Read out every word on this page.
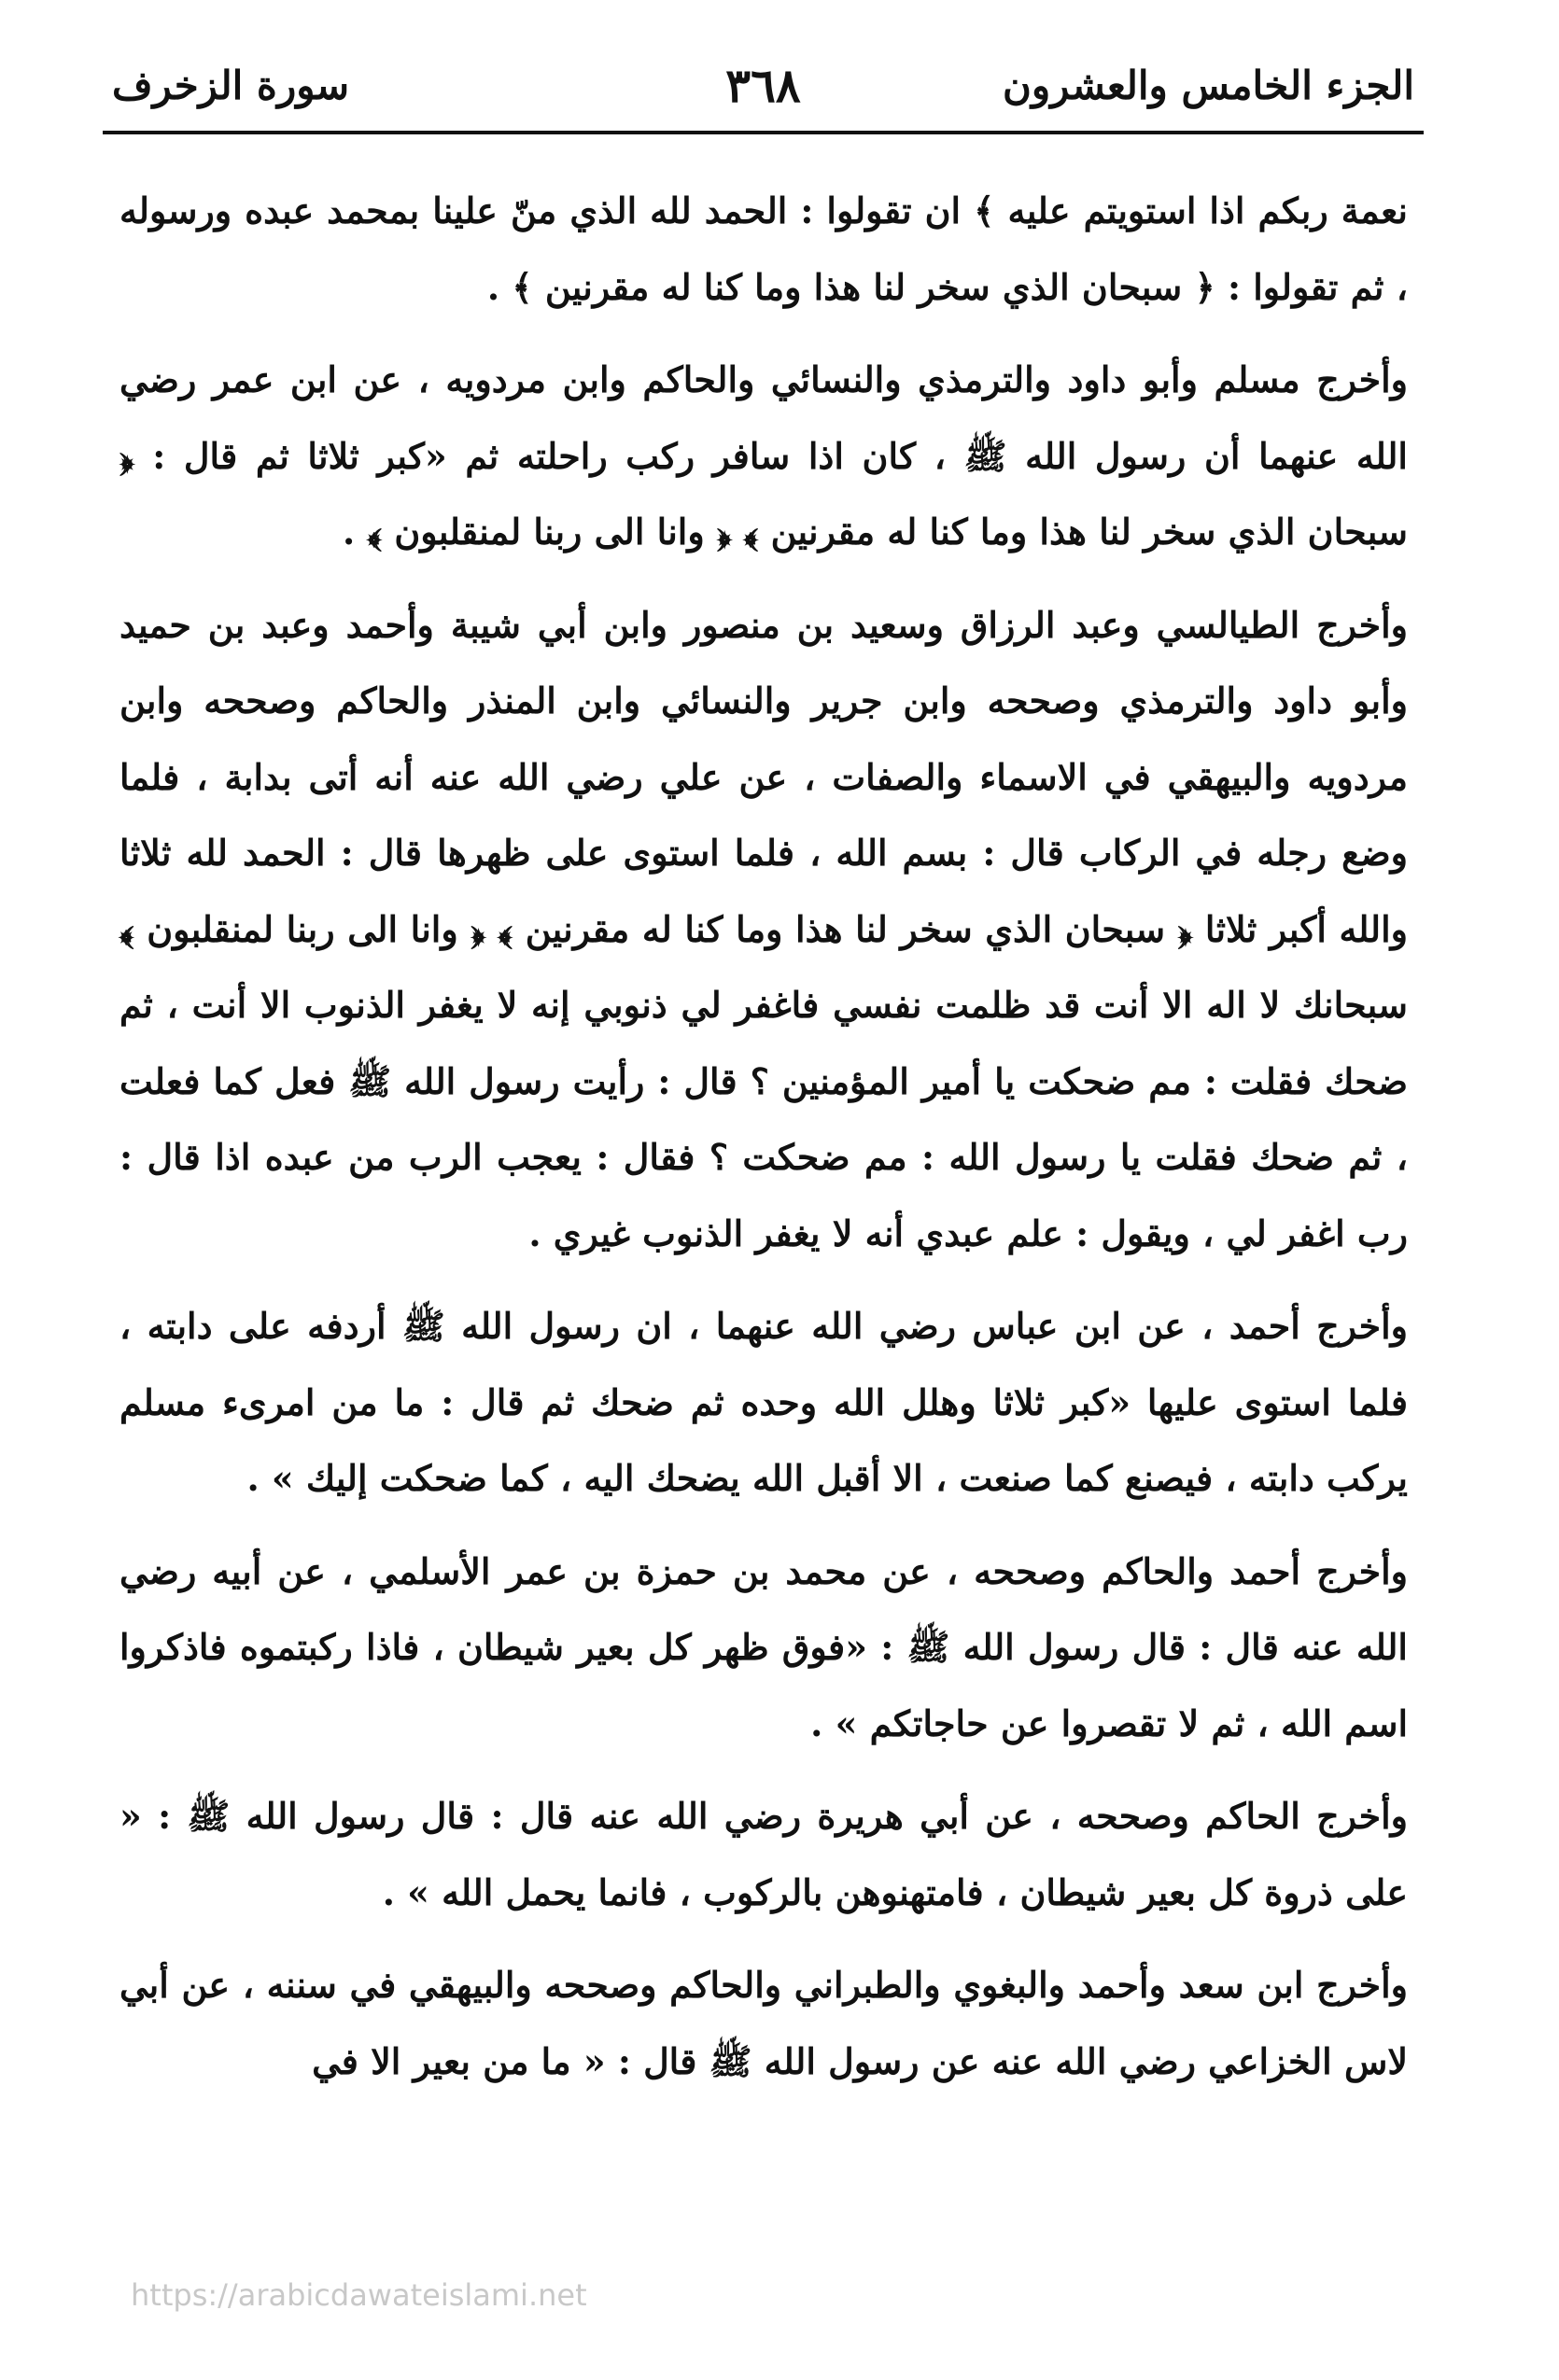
الجزء الخامس والعشرون
٣٦٨
سورة الزخرف

نعمة ربكم اذا استويتم عليه ﴾ ان تقولوا : الحمد لله الذي منّ علينا بمحمد عبده ورسوله ، ثم تقولوا : ﴿ سبحان الذي سخر لنا هذا وما كنا له مقرنين ﴾ .

وأخرج مسلم وأبو داود والترمذي والنسائي والحاكم وابن مردويه ، عن ابن عمر رضي الله عنهما أن رسول الله ﷺ ، كان اذا سافر ركب راحلته ثم «كبر ثلاثا ثم قال : ﴿ سبحان الذي سخر لنا هذا وما كنا له مقرنين ﴾ ﴿ وانا الى ربنا لمنقلبون ﴾ .

وأخرج الطيالسي وعبد الرزاق وسعيد بن منصور وابن أبي شيبة وأحمد وعبد بن حميد وأبو داود والترمذي وصححه وابن جرير والنسائي وابن المنذر والحاكم وصححه وابن مردويه والبيهقي في الاسماء والصفات ، عن علي رضي الله عنه أنه أتى بدابة ، فلما وضع رجله في الركاب قال : بسم الله ، فلما استوى على ظهرها قال : الحمد لله ثلاثا والله أكبر ثلاثا ﴿ سبحان الذي سخر لنا هذا وما كنا له مقرنين ﴾ ﴿ وانا الى ربنا لمنقلبون ﴾ سبحانك لا اله الا أنت قد ظلمت نفسي فاغفر لي ذنوبي إنه لا يغفر الذنوب الا أنت ، ثم ضحك فقلت : مم ضحكت يا أمير المؤمنين ؟ قال : رأيت رسول الله ﷺ فعل كما فعلت ، ثم ضحك فقلت يا رسول الله : مم ضحكت ؟ فقال : يعجب الرب من عبده اذا قال : رب اغفر لي ، ويقول : علم عبدي أنه لا يغفر الذنوب غيري .

وأخرج أحمد ، عن ابن عباس رضي الله عنهما ، ان رسول الله ﷺ أردفه على دابته ، فلما استوى عليها «كبر ثلاثا وهلل الله وحده ثم ضحك ثم قال : ما من امرىء مسلم يركب دابته ، فيصنع كما صنعت ، الا أقبل الله يضحك اليه ، كما ضحكت إليك » .

وأخرج أحمد والحاكم وصححه ، عن محمد بن حمزة بن عمر الأسلمي ، عن أبيه رضي الله عنه قال : قال رسول الله ﷺ : «فوق ظهر كل بعير شيطان ، فاذا ركبتموه فاذكروا اسم الله ، ثم لا تقصروا عن حاجاتكم » .

وأخرج الحاكم وصححه ، عن أبي هريرة رضي الله عنه قال : قال رسول الله ﷺ : « على ذروة كل بعير شيطان ، فامتهنوهن بالركوب ، فانما يحمل الله » .

وأخرج ابن سعد وأحمد والبغوي والطبراني والحاكم وصححه والبيهقي في سننه ، عن أبي لاس الخزاعي رضي الله عنه عن رسول الله ﷺ قال : « ما من بعير الا في

https://arabicdawateislami.net
